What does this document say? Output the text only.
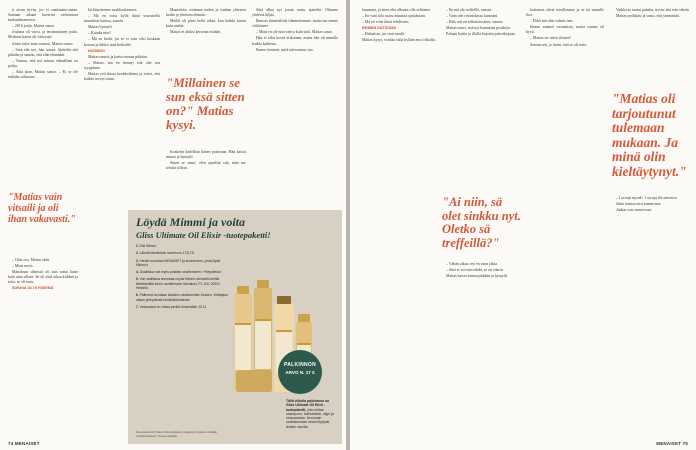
ti aivan hyvin, jos ei vaatimatto-maan. Samaan aikaan kaverini varhemmat makuuhuoneessa.

– 2016 joulu, Matias sanoo.

Jouluna oli vuosi, ja ensimmäinen joulu. Moderni kaaos oli väistynyt.

Jotain tulee aina vastaan, Matias sanoo.

– Sinä elät nyt, hän toteaa. Ajattelin sitä pitkään ja sanoin, että elän elämääni.

– Tuntuu, että nyt minun elämälläni on pohja.

– Aika pian, Matias sanoo. – Ei se ole mikään salaisuus.

"Matias vain vitsaili ja oli ihan vakavasti."

– Olisi osa, Matias sääti.

– Minä myös.

Matiaksen silmissä oli taas sama katse kuin aina silloin. Se oli yhtä aikaa kiihkeä ja totta, se oli tuttu.

SUKKIA OLI KYSEENÄ

kå kitaristenne suuhkoskiennes.

– Mä en voisi kyllä ikinä seurustella muusikon kanssa, sanoin.

Matias hymyili.

– Kuinka niin?

– Mä en kestä, jos se ei vain olisi koskaan kotona ja lähtisi aina keikoille.

HUOMIOI

Matias nauroi ja katsoi minua pitkään.

– Matias, mä en tiennyt että olet sen tyyppinen.

Matias veti ilmaa keuhkoihinsa ja totesi, että kaikki on nyt toisin.

Muutettiin, ostimme uuden ja vanhan yhteisen kodin ja yhteisen elämän.

Meillä oli pieni hetki aikaa, kun kaikki tuntui kuin unelta.

Matias ei aluksi kertonut mitään.

"Millainen se sun eksä sitten on?" Matias kysyi.

Kosketin kädelläni hänen poskeaan. Hän katsoi minua ja hymyili.

Sitten se sanoi: olen ajatellut sitä, mitä me tehtiin silloin.

Siitä alkoi nyt jotain uutta, ajattelin. Olimme yhdessä hiljaa.

Ihmiset ihmettelivät tilannettamme, mutta me emme välittäneet.

– Minä en ole niin vahva kuin sinä, Matias sanoi.

Hän ei ollut kovin erikoinen, mutta hän oli minulle kaikki kaikessa.

Emme tienneet, mitä tulevaisuus tuo.

Löydä Mimmi ja voita
Gliss Ultimate Oil Elixir -tuotepaketti!
1. Etsi Mimmi.
2. Lähetä tekstiviesti numeroon 173175.
3. Viestin muotoksi MENAISET ja sivunumero, josta löysit Mimmin.
4. Osallistua voit myös postitse osoitteeseen: Yhteystiedot.
5. Voit osallistua arvontaan myös Mimmi-nimisellä kortilla lähettämällä kortin osoitteeseen Menaiset, PL 100, 00002 Helsinki.
6. Palkinnot arvotaan kaikkien vastanneiden kesken. Voittajaan ollaan yhteydessä henkilökohtaisesti.
7. Vastaukset on oltava perillä viimeistään 20.11.
Numeroissa 4/17 olleen Mimmi-kilpailun voittajat on ilmoitettu voittajille henkilökohtaisesti. Onnea voittajille!
PALKINNON
ARVO N. 17 €
Tällä viikolla palkintona on Gliss Ultimate Oil Elixir -tuotepaketti, jota voittaa shampoon, hoitoaineen, öljyn ja hiusnaamion. Arvonnan osallistumisen ehdot löytyvät lehden sivuilta.
74 MENAISET

hanneani, ja siten olin alkanut olla sellainen.

– En vain silti osaisi muuttaa ajatuksiani.

– Mä en voisi ikinä tehdä niin.

EMMEN KATSOMA

– Haluaisin, jos sinä vaadit.

Matias kysyi, voisiko tulla kylään ensi viikolla.

– En mä ole treffeillä, sanoin.

– Vaan olet ravintolassa kanssani.

– Hah, mä en sellaisiin taivu, sanoin.

Matias sanoi, että nyt kannattaa pysähtyä.

Palasin kotiin ja illalla kirjoitin päiväkirjaan.

"Ai niin, sä olet sinkku nyt. Oletko sä treffeillä?"

– Vähän aikaa, nyt en vaan jaksa.

– Sinä et voi niin tehdä, se on väärin.

Matias katsoi minua pitkään ja hymyili.

hottomat olivat toisillemme ja se toi minulle iloa.

– Ehkä mä olen valmis taas.

Emme saaneet vastauksia, mutta suunta oli hyvä.

– Matias on sitten iloinen!

Sanoin sen, ja tiesin, että se oli totta.

"Matias oli tarjoutunut tulemaan mukaan. Ja minä olin kieltäytynyt."

Vaikka se tuntui pahalta, tiesin, että tein oikein.

Matias nyökkäsi ja sanoi, että ymmärtää.

– I accept myself. I accept the universe.

Jatka tarinaa ensi numerossa.

Jatkuu ensi numerossa.

MENAISET 75
